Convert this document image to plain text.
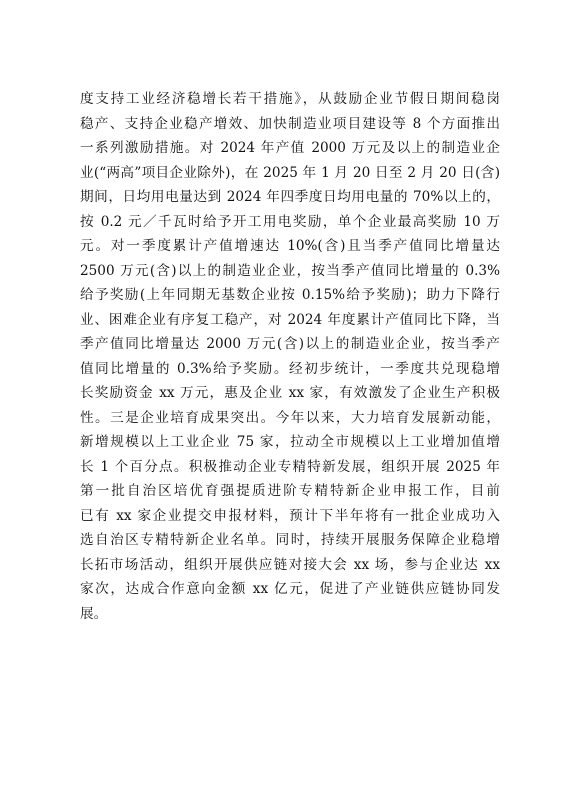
度支持工业经济稳增长若干措施》，从鼓励企业节假日期间稳岗
稳产、支持企业稳产增效、加快制造业项目建设等 8 个方面推出
一系列激励措施。对 2024 年产值 2000 万元及以上的制造业企
业(“两高”项目企业除外)，在 2025 年 1 月 20 日至 2 月 20 日(含)
期间，日均用电量达到 2024 年四季度日均用电量的 70%以上的，
按 0.2 元／千瓦时给予开工用电奖励，单个企业最高奖励 10 万
元。对一季度累计产值增速达 10%(含)且当季产值同比增量达
2500 万元(含)以上的制造业企业，按当季产值同比增量的 0.3%
给予奖励(上年同期无基数企业按 0.15%给予奖励)；助力下降行
业、困难企业有序复工稳产，对 2024 年度累计产值同比下降，当
季产值同比增量达 2000 万元(含)以上的制造业企业，按当季产
值同比增量的 0.3%给予奖励。经初步统计，一季度共兑现稳增
长奖励资金 xx 万元，惠及企业 xx 家，有效激发了企业生产积极
性。三是企业培育成果突出。今年以来，大力培育发展新动能，
新增规模以上工业企业 75 家，拉动全市规模以上工业增加值增
长 1 个百分点。积极推动企业专精特新发展，组织开展 2025 年
第一批自治区培优育强提质进阶专精特新企业申报工作，目前
已有 xx 家企业提交申报材料，预计下半年将有一批企业成功入
选自治区专精特新企业名单。同时，持续开展服务保障企业稳增
长拓市场活动，组织开展供应链对接大会 xx 场，参与企业达 xx
家次，达成合作意向金额 xx 亿元，促进了产业链供应链协同发
展。
